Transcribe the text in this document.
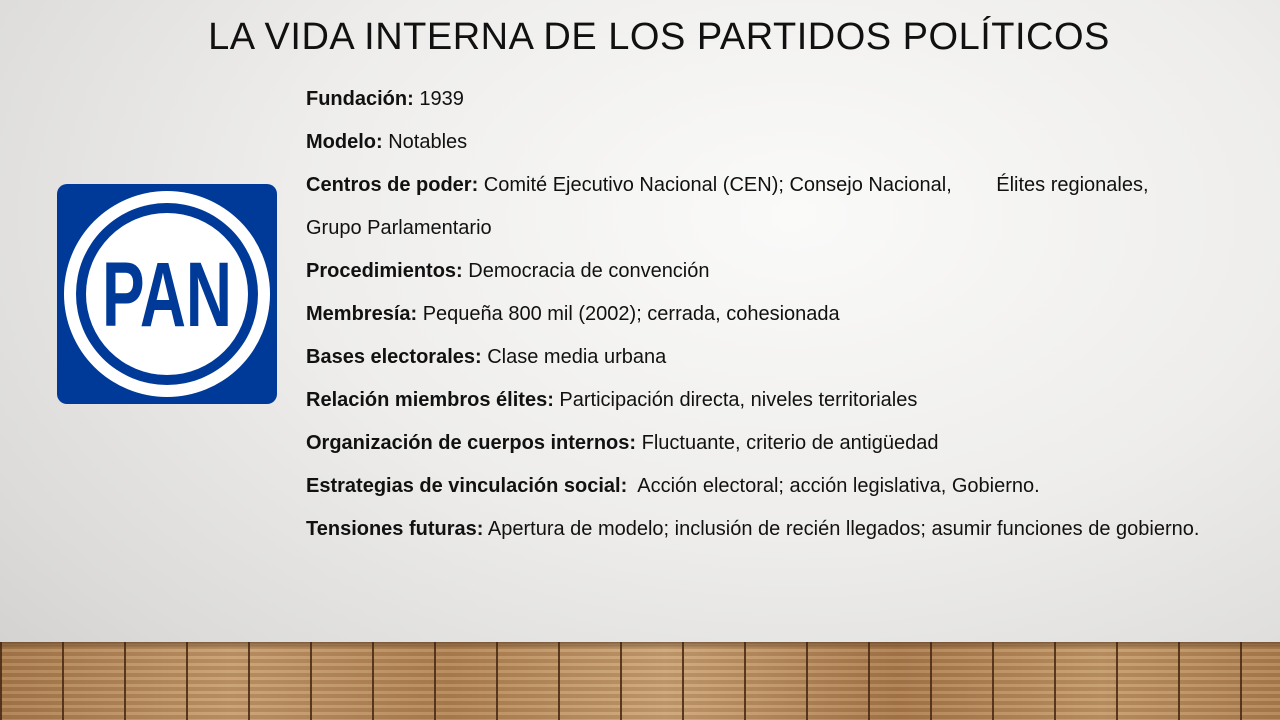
LA VIDA INTERNA DE LOS PARTIDOS POLÍTICOS
PAN

Fundación: 1939

Modelo: Notables

Centros de poder: Comité Ejecutivo Nacional (CEN); Consejo Nacional,        Élites regionales, Grupo Parlamentario

Procedimientos: Democracia de convención

Membresía: Pequeña 800 mil (2002); cerrada, cohesionada

Bases electorales: Clase media urbana

Relación miembros élites: Participación directa, niveles territoriales

Organización de cuerpos internos: Fluctuante, criterio de antigüedad

Estrategias de vinculación social:  Acción electoral; acción legislativa, Gobierno.

Tensiones futuras: Apertura de modelo; inclusión de recién llegados; asumir funciones de gobierno.
